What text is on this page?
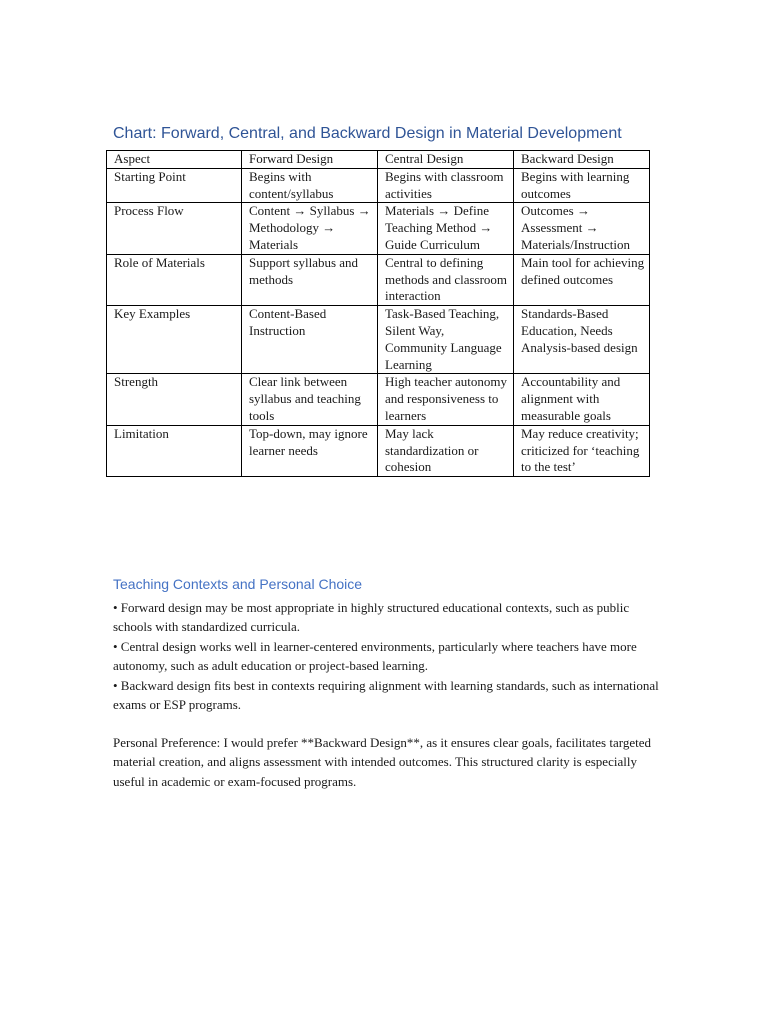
Chart: Forward, Central, and Backward Design in Material Development
Aspect	Forward Design	Central Design	Backward Design
Starting Point	Begins with content/syllabus	Begins with classroom activities	Begins with learning outcomes
Process Flow	Content → Syllabus → Methodology → Materials	Materials → Define Teaching Method → Guide Curriculum	Outcomes → Assessment → Materials/Instruction
Role of Materials	Support syllabus and methods	Central to defining methods and classroom interaction	Main tool for achieving defined outcomes
Key Examples	Content-Based Instruction	Task-Based Teaching, Silent Way, Community Language Learning	Standards-Based Education, Needs Analysis-based design
Strength	Clear link between syllabus and teaching tools	High teacher autonomy and responsiveness to learners	Accountability and alignment with measurable goals
Limitation	Top-down, may ignore learner needs	May lack standardization or cohesion	May reduce creativity; criticized for ‘teaching to the test’
Teaching Contexts and Personal Choice

• Forward design may be most appropriate in highly structured educational contexts, such as public schools with standardized curricula.

• Central design works well in learner-centered environments, particularly where teachers have more autonomy, such as adult education or project-based learning.

• Backward design fits best in contexts requiring alignment with learning standards, such as international exams or ESP programs.

Personal Preference: I would prefer **Backward Design**, as it ensures clear goals, facilitates targeted material creation, and aligns assessment with intended outcomes. This structured clarity is especially useful in academic or exam-focused programs.
